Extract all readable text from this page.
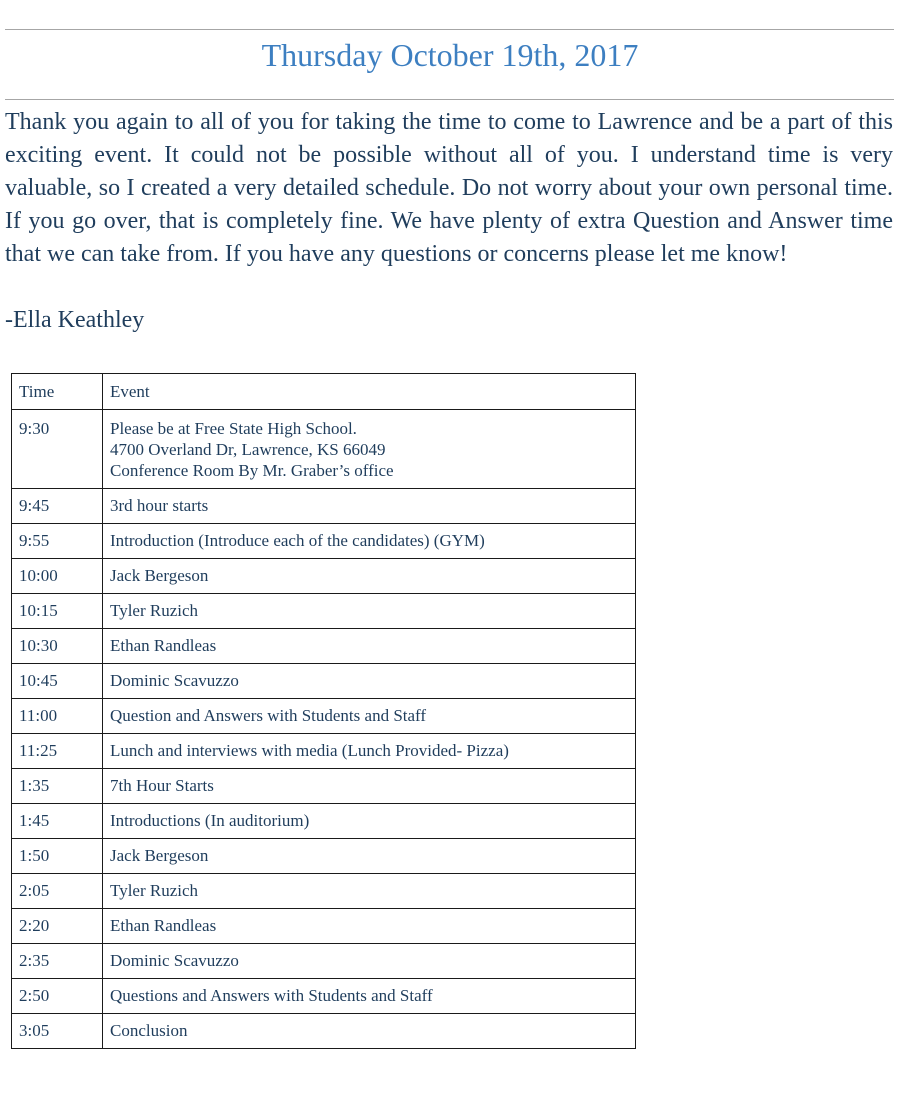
Thursday October 19th, 2017

Thank you again to all of you for taking the time to come to Lawrence and be a part of this exciting event. It could not be possible without all of you. I understand time is very valuable, so I created a very detailed schedule. Do not worry about your own personal time. If you go over, that is completely fine. We have plenty of extra Question and Answer time that we can take from. If you have any questions or concerns please let me know!

-Ella Keathley
Time	Event
9:30	Please be at Free State High School.
4700 Overland Dr, Lawrence, KS 66049
Conference Room By Mr. Graber’s office

9:45	3rd hour starts
9:55	Introduction (Introduce each of the candidates) (GYM)
10:00	Jack Bergeson
10:15	Tyler Ruzich
10:30	Ethan Randleas
10:45	Dominic Scavuzzo
11:00	Question and Answers with Students and Staff
11:25	Lunch and interviews with media (Lunch Provided- Pizza)
1:35	7th Hour Starts
1:45	Introductions (In auditorium)
1:50	Jack Bergeson
2:05	Tyler Ruzich
2:20	Ethan Randleas
2:35	Dominic Scavuzzo
2:50	Questions and Answers with Students and Staff
3:05	Conclusion
